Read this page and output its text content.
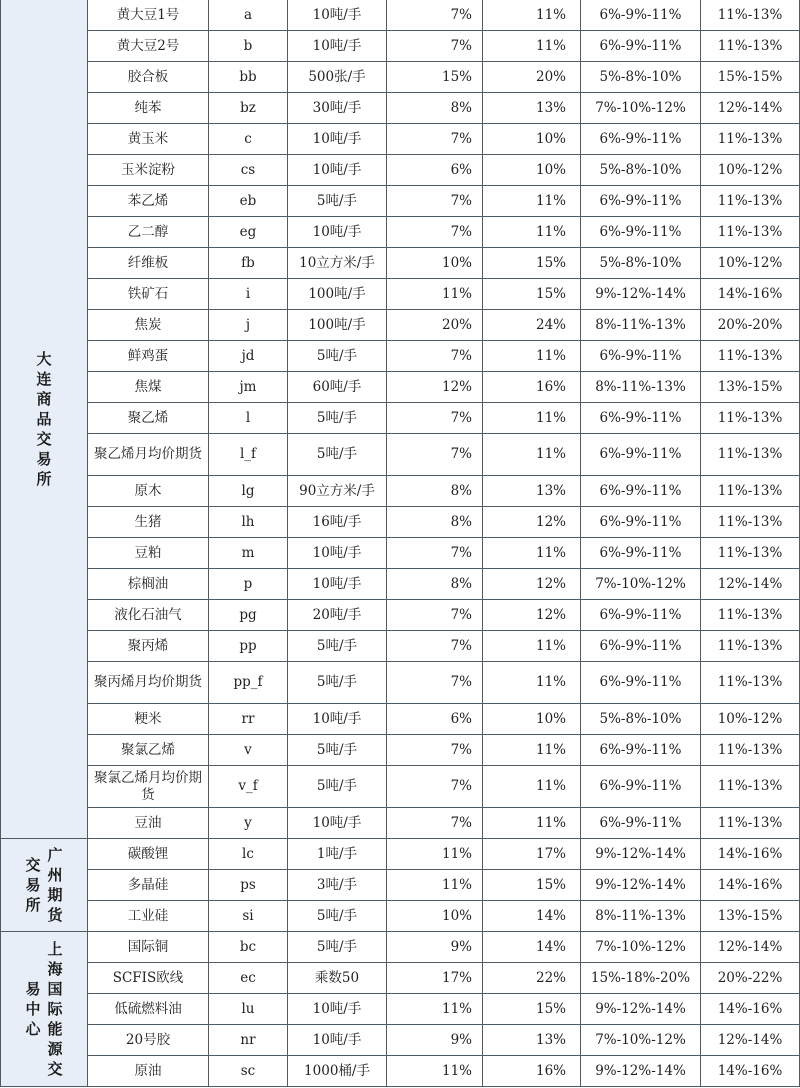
大连商品交易所	黄大豆1号	a	10吨/手	7%	11%	6%-9%-11%	11%-13%
	黄大豆2号	b	10吨/手	7%	11%	6%-9%-11%	11%-13%
	胶合板	bb	500张/手	15%	20%	5%-8%-10%	15%-15%
	纯苯	bz	30吨/手	8%	13%	7%-10%-12%	12%-14%
	黄玉米	c	10吨/手	7%	10%	6%-9%-11%	11%-13%
	玉米淀粉	cs	10吨/手	6%	10%	5%-8%-10%	10%-12%
	苯乙烯	eb	5吨/手	7%	11%	6%-9%-11%	11%-13%
	乙二醇	eg	10吨/手	7%	11%	6%-9%-11%	11%-13%
	纤维板	fb	10立方米/手	10%	15%	5%-8%-10%	10%-12%
	铁矿石	i	100吨/手	11%	15%	9%-12%-14%	14%-16%
	焦炭	j	100吨/手	20%	24%	8%-11%-13%	20%-20%
	鲜鸡蛋	jd	5吨/手	7%	11%	6%-9%-11%	11%-13%
	焦煤	jm	60吨/手	12%	16%	8%-11%-13%	13%-15%
	聚乙烯	l	5吨/手	7%	11%	6%-9%-11%	11%-13%
	聚乙烯月均价期货	l_f	5吨/手	7%	11%	6%-9%-11%	11%-13%
	原木	lg	90立方米/手	8%	13%	6%-9%-11%	11%-13%
	生猪	lh	16吨/手	8%	12%	6%-9%-11%	11%-13%
	豆粕	m	10吨/手	7%	11%	6%-9%-11%	11%-13%
	棕榈油	p	10吨/手	8%	12%	7%-10%-12%	12%-14%
	液化石油气	pg	20吨/手	7%	12%	6%-9%-11%	11%-13%
	聚丙烯	pp	5吨/手	7%	11%	6%-9%-11%	11%-13%
	聚丙烯月均价期货	pp_f	5吨/手	7%	11%	6%-9%-11%	11%-13%
	粳米	rr	10吨/手	6%	10%	5%-8%-10%	10%-12%
	聚氯乙烯	v	5吨/手	7%	11%	6%-9%-11%	11%-13%
	聚氯乙烯月均价期货	v_f	5吨/手	7%	11%	6%-9%-11%	11%-13%
	豆油	y	10吨/手	7%	11%	6%-9%-11%	11%-13%

交易所
广州期货	碳酸锂	lc	1吨/手	11%	17%	9%-12%-14%	14%-16%
	多晶硅	ps	3吨/手	11%	15%	9%-12%-14%	14%-16%
	工业硅	si	5吨/手	10%	14%	8%-11%-13%	13%-15%

易中心
上海国际能源交	国际铜	bc	5吨/手	9%	14%	7%-10%-12%	12%-14%
	SCFIS欧线	ec	乘数50	17%	22%	15%-18%-20%	20%-22%
	低硫燃料油	lu	10吨/手	11%	15%	9%-12%-14%	14%-16%
	20号胶	nr	10吨/手	9%	13%	7%-10%-12%	12%-14%
	原油	sc	1000桶/手	11%	16%	9%-12%-14%	14%-16%
